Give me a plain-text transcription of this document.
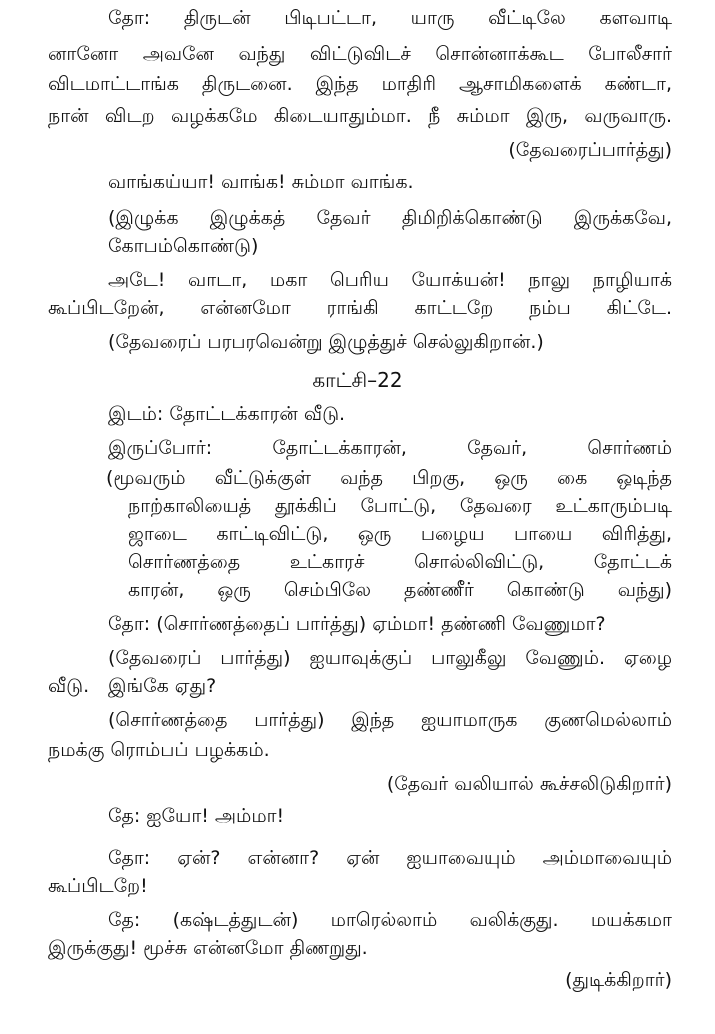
தோ: திருடன் பிடிபட்டா, யாரு வீட்டிலே களவாடி

னானோ அவனே வந்து விட்டுவிடச் சொன்னாக்கூட போலீசார்

விடமாட்டாங்க திருடனை. இந்த மாதிரி ஆசாமிகளைக் கண்டா,

நான் விடற வழக்கமே கிடையாதும்மா. நீ சும்மா இரு, வருவாரு.

(தேவரைப்பார்த்து)

வாங்கய்யா! வாங்க! சும்மா வாங்க.

(இழுக்க இழுக்கத் தேவர் திமிறிக்கொண்டு இருக்கவே,

கோபம்கொண்டு)

அடே! வாடா, மகா பெரிய யோக்யன்! நாலு நாழியாக்

கூப்பிடறேன், என்னமோ ராங்கி காட்டறே நம்ப கிட்டே.

(தேவரைப் பரபரவென்று இழுத்துச் செல்லுகிறான்.)

காட்சி–22

இடம்: தோட்டக்காரன் வீடு.

இருப்போர்: தோட்டக்காரன், தேவர், சொர்ணம்

(மூவரும் வீட்டுக்குள் வந்த பிறகு, ஒரு கை ஒடிந்த

நாற்காலியைத் தூக்கிப் போட்டு, தேவரை உட்காரும்படி

ஜாடை காட்டிவிட்டு, ஒரு பழைய பாயை விரித்து,

சொர்ணத்தை உட்காரச் சொல்லிவிட்டு, தோட்டக்

காரன், ஒரு செம்பிலே தண்ணீர் கொண்டு வந்து)

தோ: (சொர்ணத்தைப் பார்த்து) ஏம்மா! தண்ணி வேணுமா?

(தேவரைப் பார்த்து) ஐயாவுக்குப் பாலுகீலு வேணும். ஏழை

வீடு. இங்கே ஏது?

(சொர்ணத்தை பார்த்து) இந்த ஐயாமாருக குணமெல்லாம்

நமக்கு ரொம்பப் பழக்கம்.

(தேவர் வலியால் கூச்சலிடுகிறார்)

தே: ஐயோ! அம்மா!

தோ: ஏன்? என்னா? ஏன் ஐயாவையும் அம்மாவையும்

கூப்பிடறே!

தே: (கஷ்டத்துடன்) மாரெல்லாம் வலிக்குது. மயக்கமா

இருக்குது! மூச்சு என்னமோ திணறுது.

(துடிக்கிறார்)
